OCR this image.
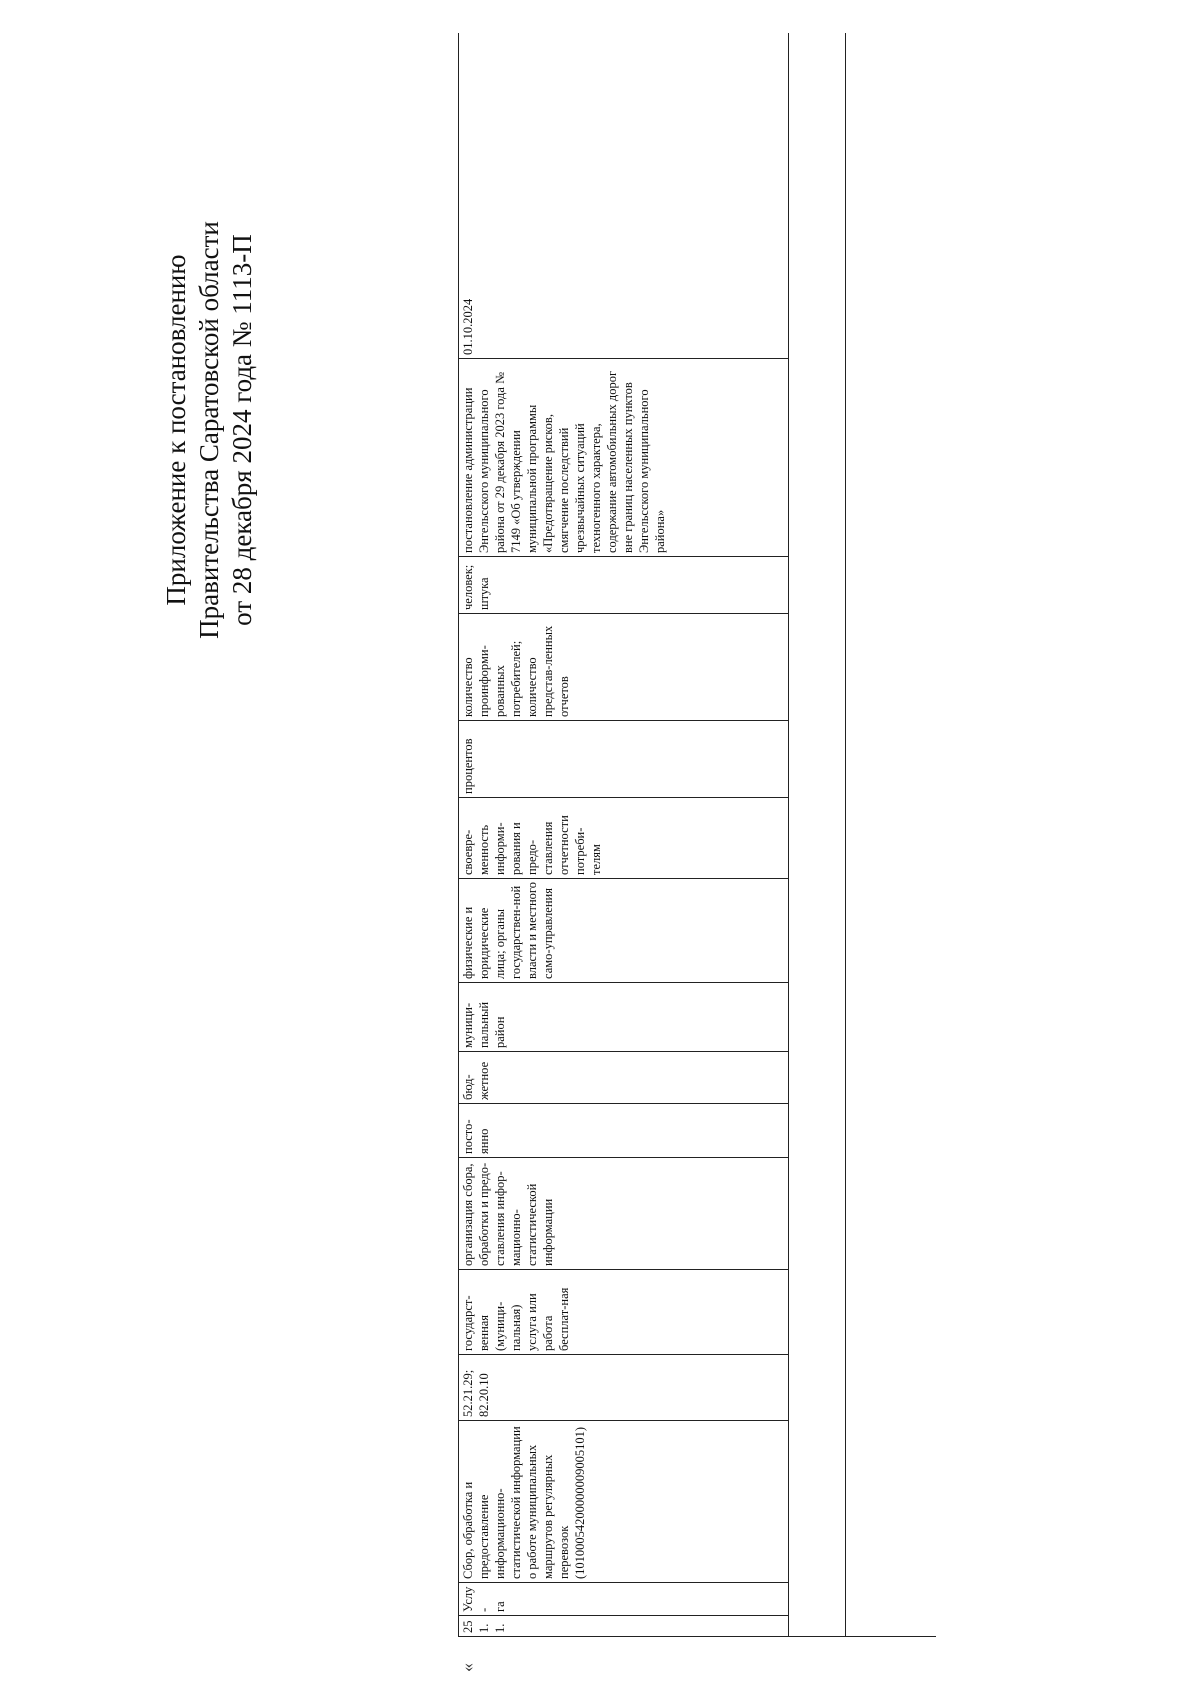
Приложение к постановлению Правительства Саратовской области от 28 декабря 2024 года № 1113-П
«
251.1.	Услу-
га	Сбор, обработка и предоставление информационно-статистической информации о работе муниципальных маршрутов регулярных перевозок (10100054200000009005101)	52.21.29; 82.20.10	государст-венная (муници-пальная) услуга или работа бесплат-ная	организация сбора, обработки и предо-ставления инфор-мационно-статистической информации	посто-янно	бюд-жетное	муници-пальный район	физические и юридические лица; органы государствен-ной власти и местного само-управления	своевре-менность информи-рования и предо-ставления отчетности потреби-телям	процентов	количество проинформи-рованных потребителей; количество представ-ленных отчетов	человек; штука	постановление администрации Энгельсского муниципального района от 29 декабря 2023 года № 7149 «Об утверждении муниципальной программы «Предотвращение рисков, смягчение последствий чрезвычайных ситуаций техногенного характера, содержание автомобильных дорог вне границ населенных пунктов Энгельсского муниципального района»	01.10.2024
